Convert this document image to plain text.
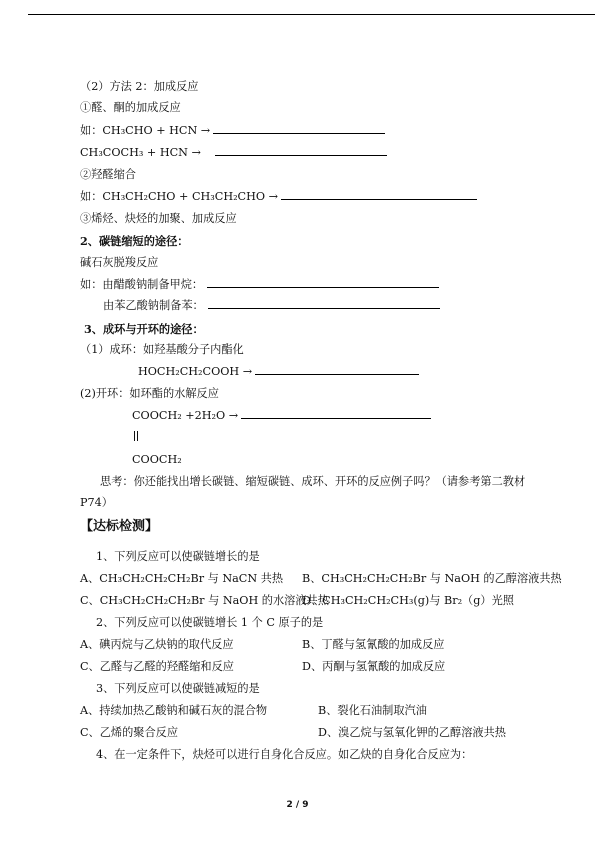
（2）方法 2：加成反应
①醛、酮的加成反应
如：CH₃CHO + HCN →
CH₃COCH₃ + HCN →
②羟醛缩合
如：CH₃CH₂CHO + CH₃CH₂CHO →
③烯烃、炔烃的加聚、加成反应
2、碳链缩短的途径：
碱石灰脱羧反应
如：由醋酸钠制备甲烷：
由苯乙酸钠制备苯：
3、成环与开环的途径：
（1）成环：如羟基酸分子内酯化
HOCH₂CH₂COOH →
(2)开环：如环酯的水解反应
COOCH₂ +2H₂O →
COOCH₂
思考：你还能找出增长碳链、缩短碳链、成环、开环的反应例子吗？（请参考第二教材
P74）
【达标检测】
1、下列反应可以使碳链增长的是
A、CH₃CH₂CH₂CH₂Br 与 NaCN 共热 B、CH₃CH₂CH₂CH₂Br 与 NaOH 的乙醇溶液共热
C、CH₃CH₂CH₂CH₂Br 与 NaOH 的水溶液共热
D、CH₃CH₂CH₂CH₃(g)与 Br₂（g）光照
2、下列反应可以使碳链增长 1 个 C 原子的是
A、碘丙烷与乙炔钠的取代反应	B、丁醛与氢氰酸的加成反应
C、乙醛与乙醛的羟醛缩和反应	D、丙酮与氢氰酸的加成反应
3、下列反应可以使碳链减短的是
A、持续加热乙酸钠和碱石灰的混合物	B、裂化石油制取汽油
C、乙烯的聚合反应	D、溴乙烷与氢氧化钾的乙醇溶液共热
4、在一定条件下，炔烃可以进行自身化合反应。如乙炔的自身化合反应为：
2 / 9
